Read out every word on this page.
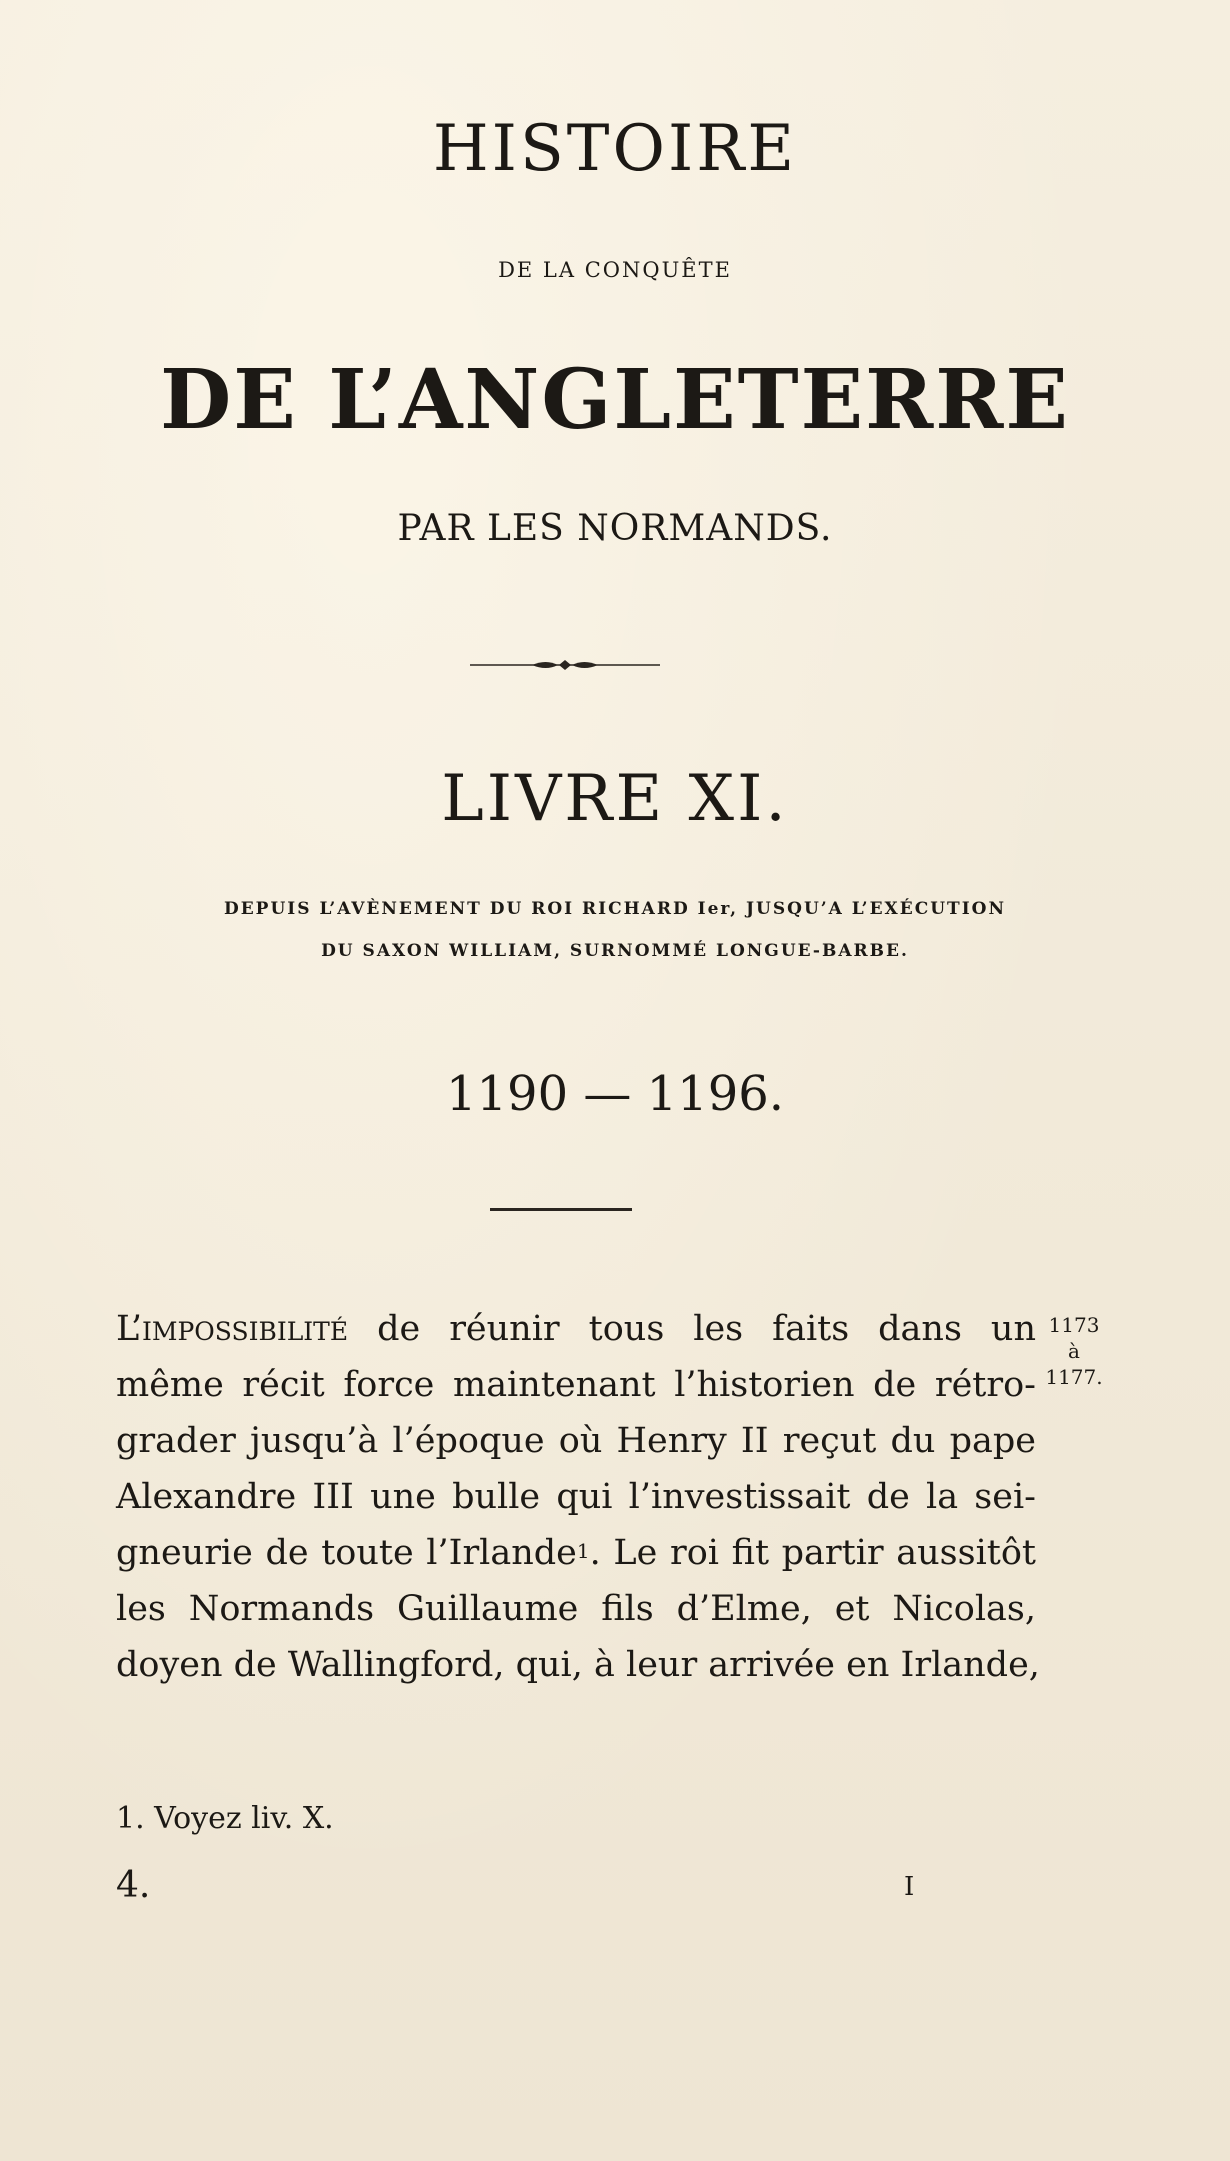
HISTOIRE
DE LA CONQUÊTE
DE L’ANGLETERRE
PAR LES NORMANDS.
LIVRE XI.
DEPUIS L’AVÈNEMENT DU ROI RICHARD Ier, JUSQU’A L’EXÉCUTION
DU SAXON WILLIAM, SURNOMMÉ LONGUE-BARBE.
1190 — 1196.
L’impossibilité de réunir tous les faits dans un
même récit force maintenant l’historien de rétro-
grader jusqu’à l’époque où Henry II reçut du pape
Alexandre III une bulle qui l’investissait de la sei-
gneurie de toute l’Irlande$^1$. Le roi fit partir aussitôt
les Normands Guillaume fils d’Elme, et Nicolas,
doyen de Wallingford, qui, à leur arrivée en Irlande,
1173
à
1177.
1. Voyez liv. X.
4.	I
